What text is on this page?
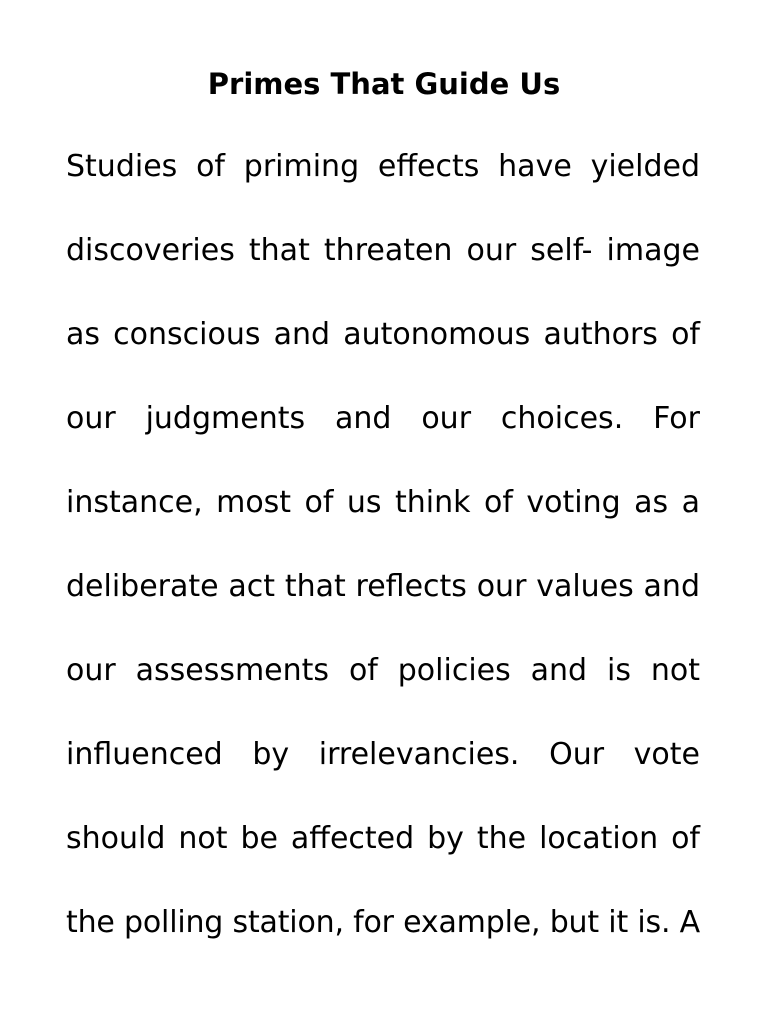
Primes That Guide Us
Studies of priming effects have yielded
discoveries that threaten our self- image
as conscious and autonomous authors of
our judgments and our choices. For
instance, most of us think of voting as a
deliberate act that reflects our values and
our assessments of policies and is not
influenced by irrelevancies. Our vote
should not be affected by the location of
the polling station, for example, but it is. A
